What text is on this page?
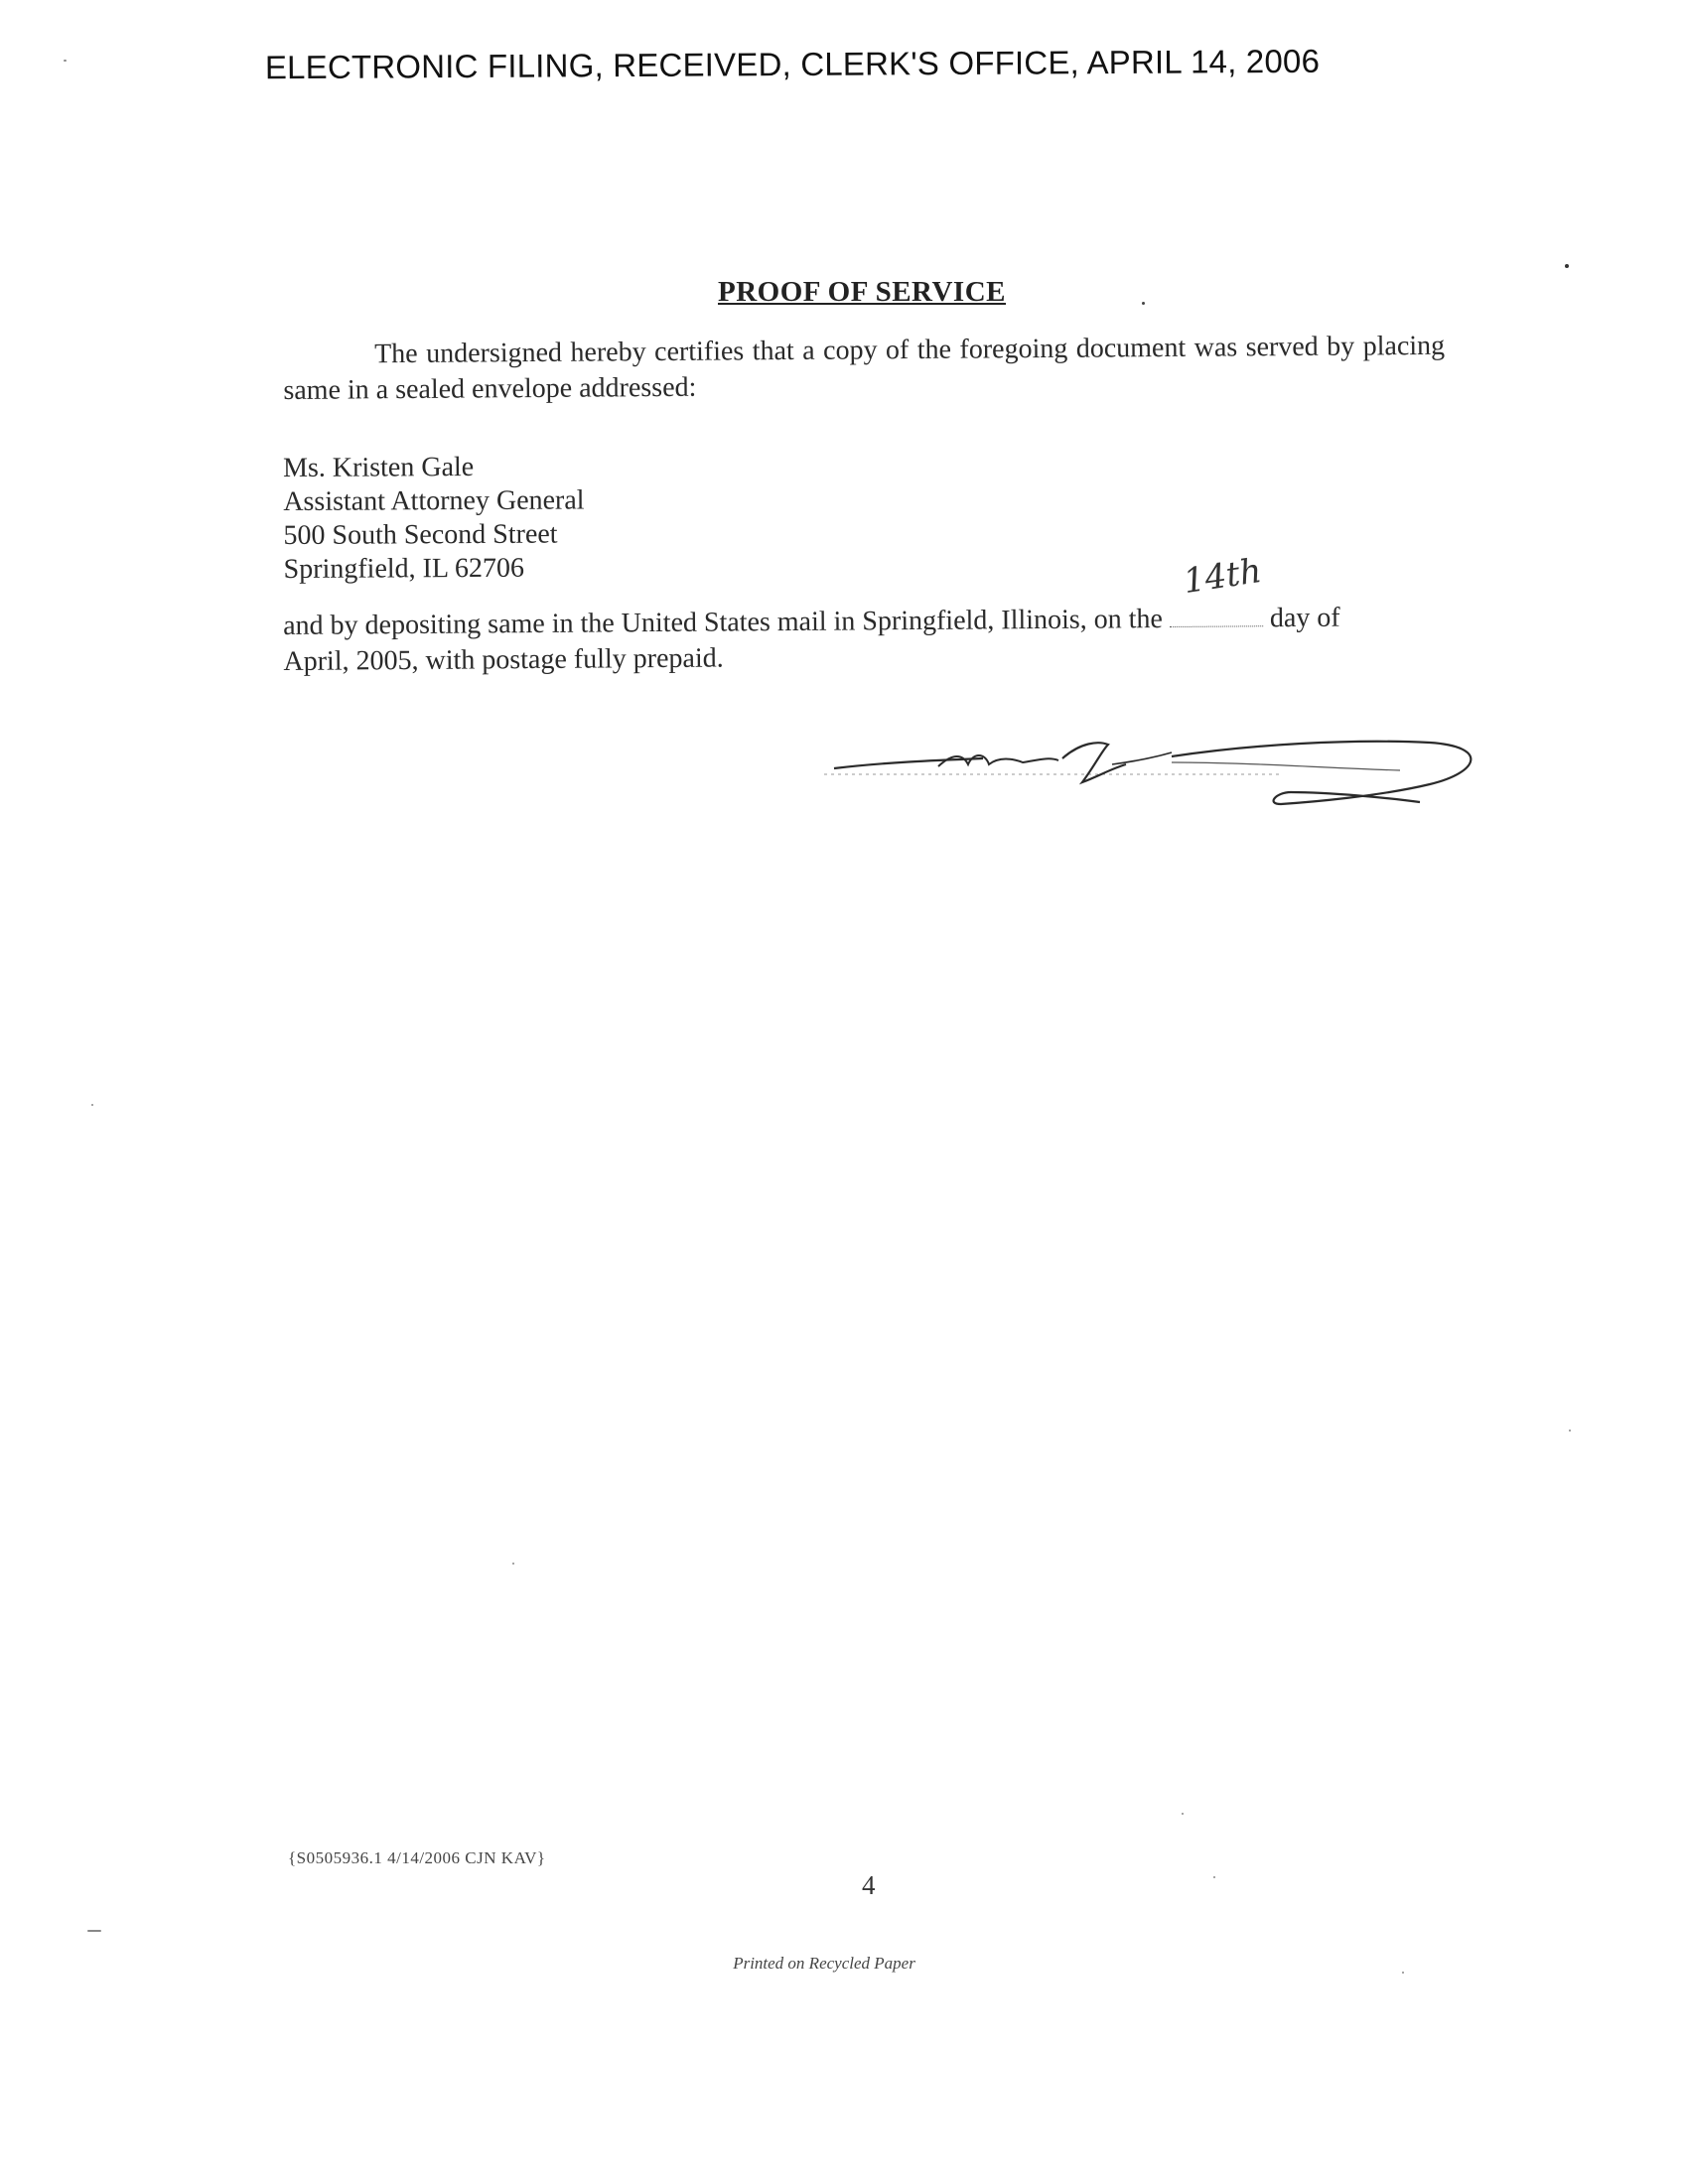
ELECTRONIC FILING, RECEIVED, CLERK'S OFFICE, APRIL 14, 2006
PROOF OF SERVICE
The undersigned hereby certifies that a copy of the foregoing document was served by placing same in a sealed envelope addressed:
Ms. Kristen Gale
Assistant Attorney General
500 South Second Street
Springfield, IL 62706
and by depositing same in the United States mail in Springfield, Illinois, on the
14th
day of
April, 2005, with postage fully prepaid.
{S0505936.1 4/14/2006 CJN KAV}
4
Printed on Recycled Paper
